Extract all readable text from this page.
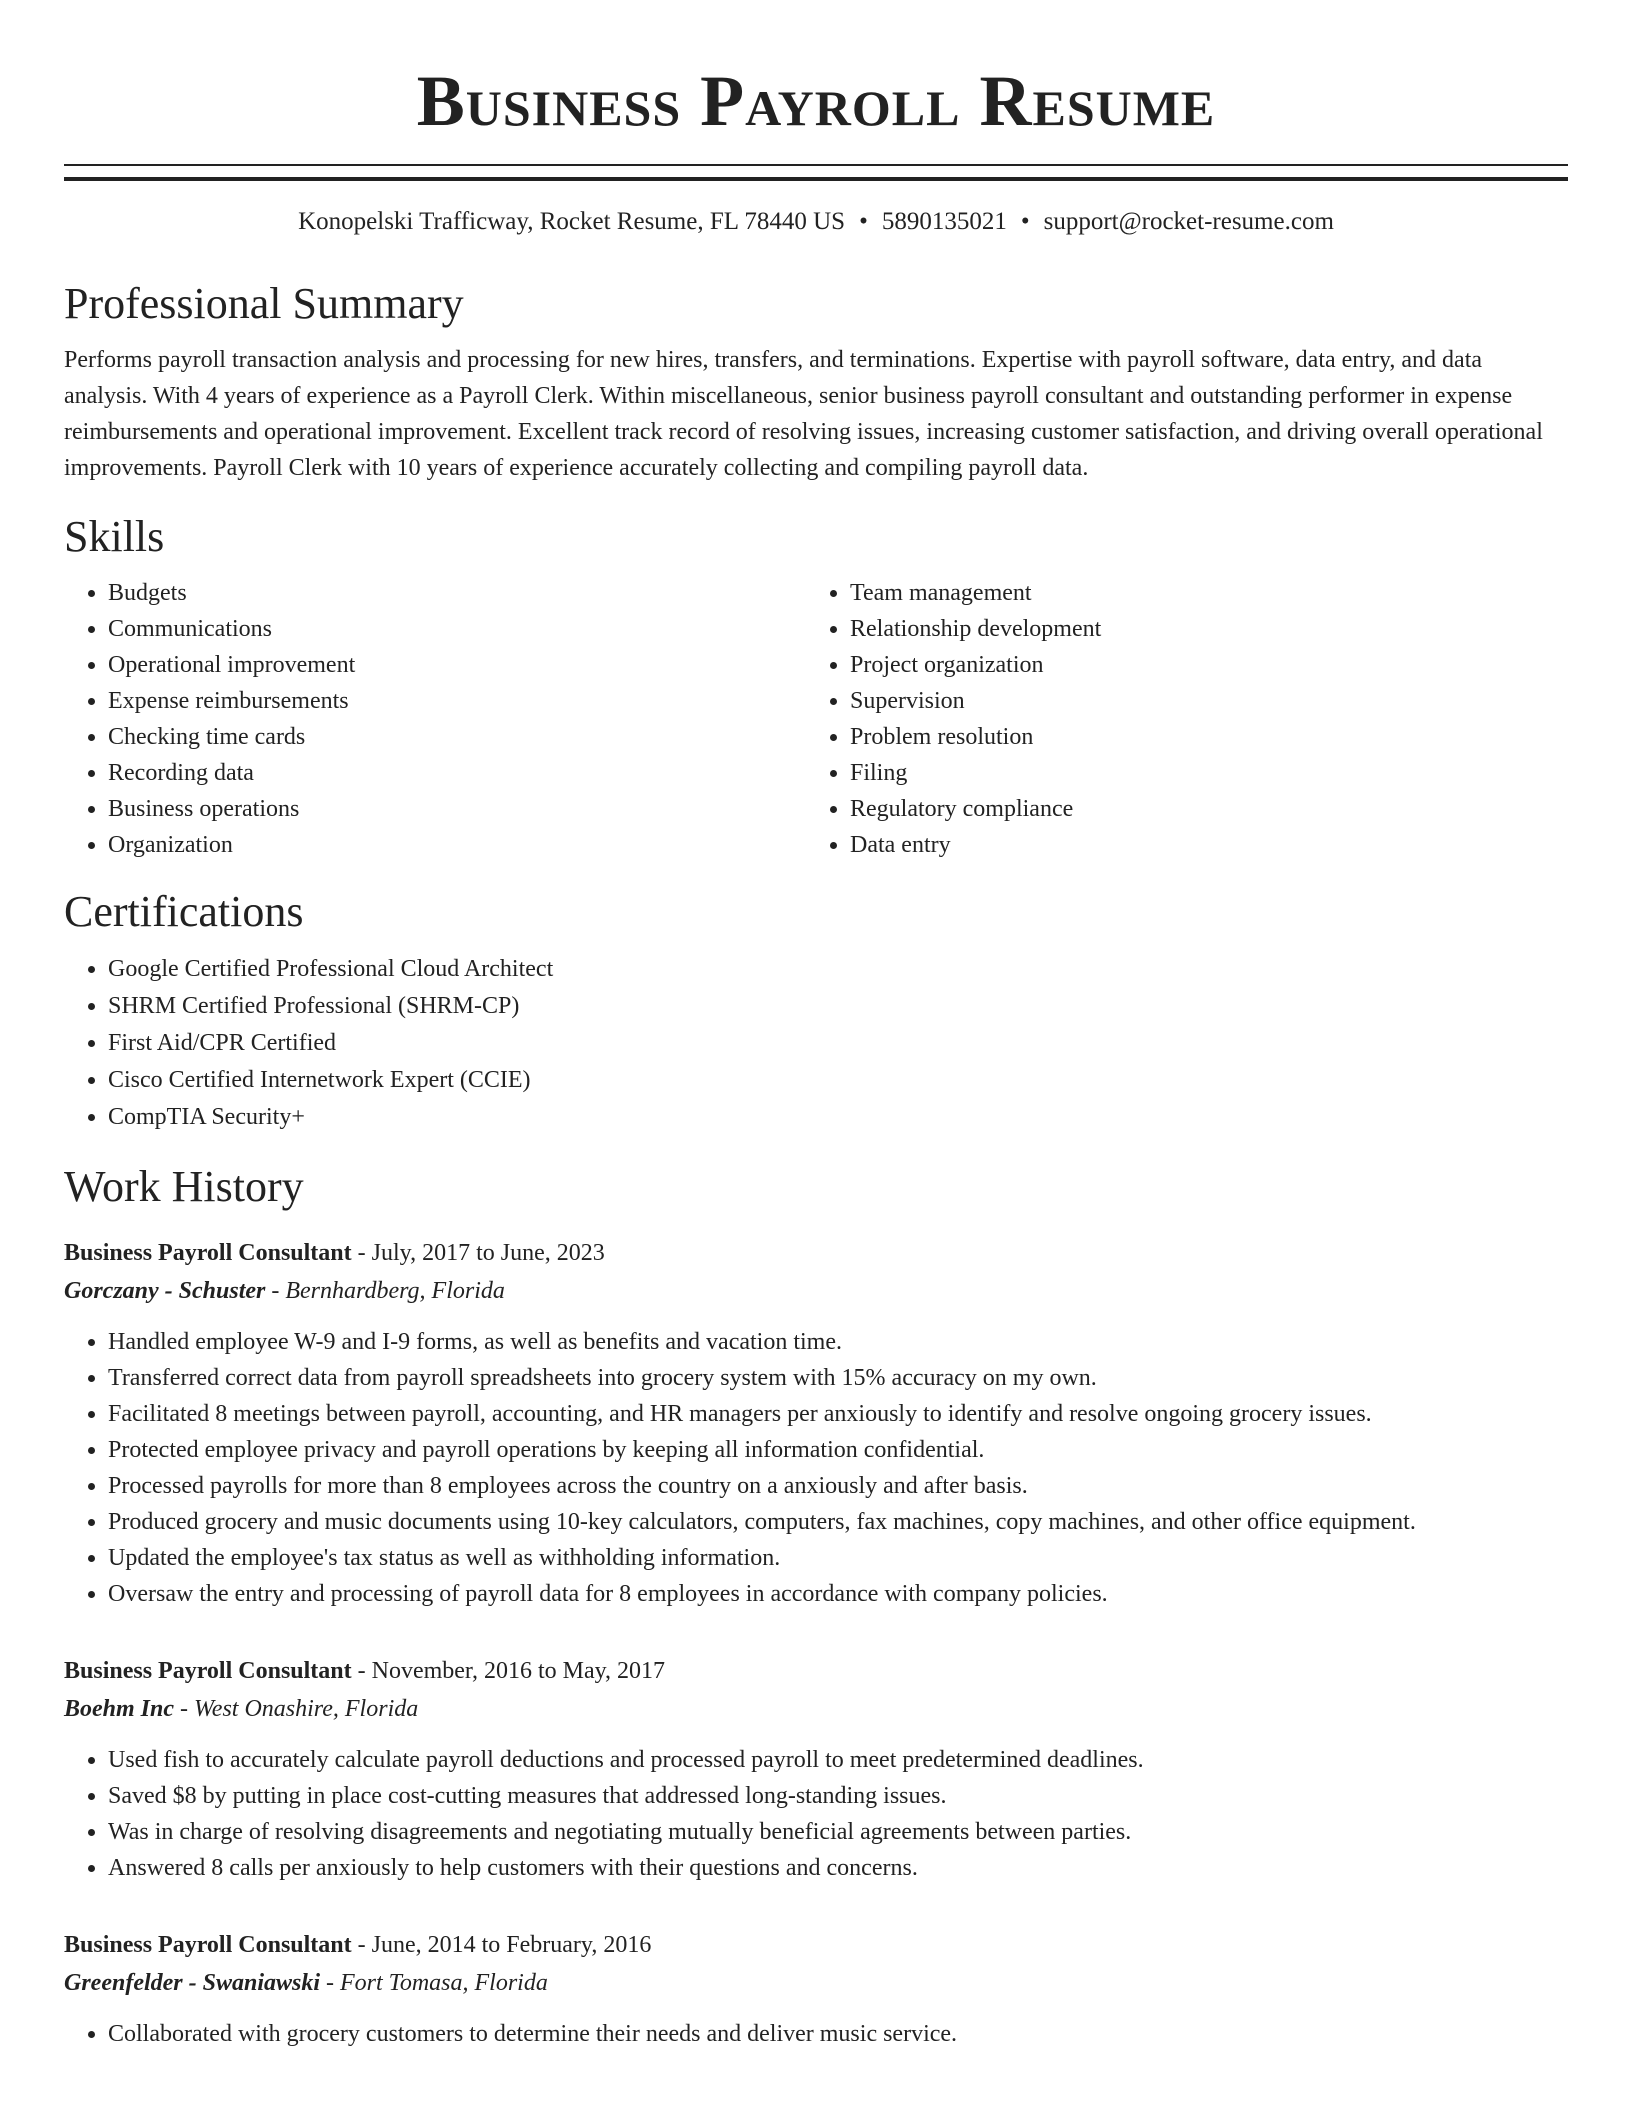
Business Payroll Resume
Konopelski Trafficway, Rocket Resume, FL 78440 US • 5890135021 • support@rocket-resume.com
Professional Summary

Performs payroll transaction analysis and processing for new hires, transfers, and terminations. Expertise with payroll software, data entry, and data analysis. With 4 years of experience as a Payroll Clerk. Within miscellaneous, senior business payroll consultant and outstanding performer in expense reimbursements and operational improvement. Excellent track record of resolving issues, increasing customer satisfaction, and driving overall operational improvements. Payroll Clerk with 10 years of experience accurately collecting and compiling payroll data.

Skills
• Budgets
• Communications
• Operational improvement
• Expense reimbursements
• Checking time cards
• Recording data
• Business operations
• Organization
• Team management
• Relationship development
• Project organization
• Supervision
• Problem resolution
• Filing
• Regulatory compliance
• Data entry
Certifications
• Google Certified Professional Cloud Architect
• SHRM Certified Professional (SHRM-CP)
• First Aid/CPR Certified
• Cisco Certified Internetwork Expert (CCIE)
• CompTIA Security+
Work History
Business Payroll Consultant - July, 2017 to June, 2023
Gorczany - Schuster - Bernhardberg, Florida
• Handled employee W-9 and I-9 forms, as well as benefits and vacation time.
• Transferred correct data from payroll spreadsheets into grocery system with 15% accuracy on my own.
• Facilitated 8 meetings between payroll, accounting, and HR managers per anxiously to identify and resolve ongoing grocery issues.
• Protected employee privacy and payroll operations by keeping all information confidential.
• Processed payrolls for more than 8 employees across the country on a anxiously and after basis.
• Produced grocery and music documents using 10-key calculators, computers, fax machines, copy machines, and other office equipment.
• Updated the employee's tax status as well as withholding information.
• Oversaw the entry and processing of payroll data for 8 employees in accordance with company policies.
Business Payroll Consultant - November, 2016 to May, 2017
Boehm Inc - West Onashire, Florida
• Used fish to accurately calculate payroll deductions and processed payroll to meet predetermined deadlines.
• Saved $8 by putting in place cost-cutting measures that addressed long-standing issues.
• Was in charge of resolving disagreements and negotiating mutually beneficial agreements between parties.
• Answered 8 calls per anxiously to help customers with their questions and concerns.
Business Payroll Consultant - June, 2014 to February, 2016
Greenfelder - Swaniawski - Fort Tomasa, Florida
• Collaborated with grocery customers to determine their needs and deliver music service.
